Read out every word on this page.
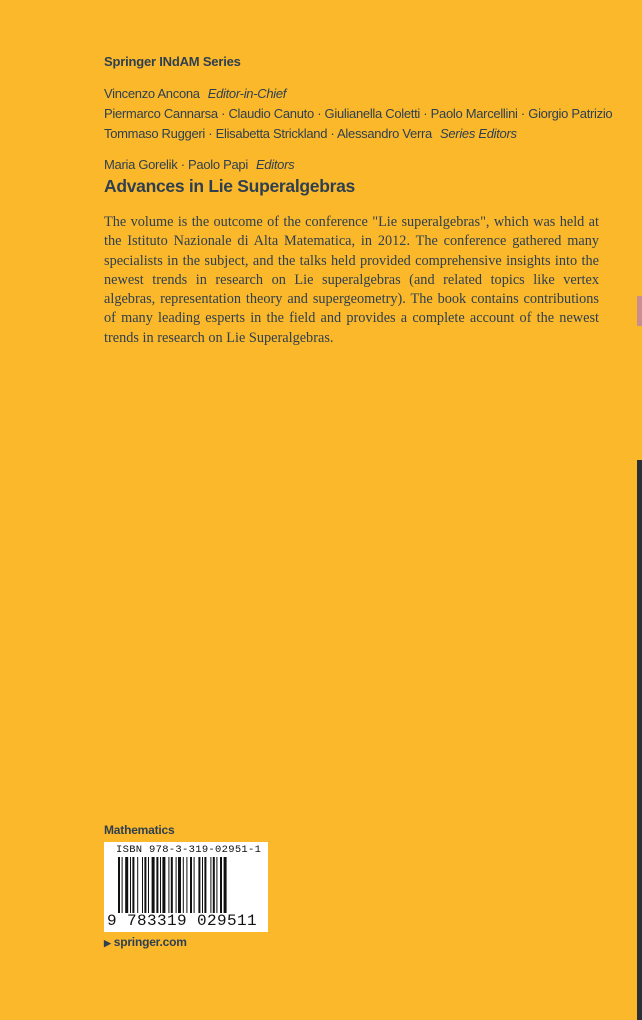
Springer INdAM Series
Vincenzo Ancona Editor-in-Chief
Piermarco Cannarsa · Claudio Canuto · Giulianella Coletti · Paolo Marcellini · Giorgio Patrizio
Tommaso Ruggeri · Elisabetta Strickland · Alessandro Verra Series Editors
Maria Gorelik · Paolo Papi Editors
Advances in Lie Superalgebras

The volume is the outcome of the conference "Lie superalgebras", which was held at the Istituto Nazionale di Alta Matematica, in 2012. The conference gathered many specialists in the subject, and the talks held provided comprehensive insights into the newest trends in research on Lie superalgebras (and related topics like vertex algebras, representation theory and supergeometry). The book contains contributions of many leading esperts in the field and provides a complete account of the newest trends in research on Lie Superalgebras.

Mathematics
ISBN 978-3-319-02951-1
9 783319 029511
▶ springer.com
